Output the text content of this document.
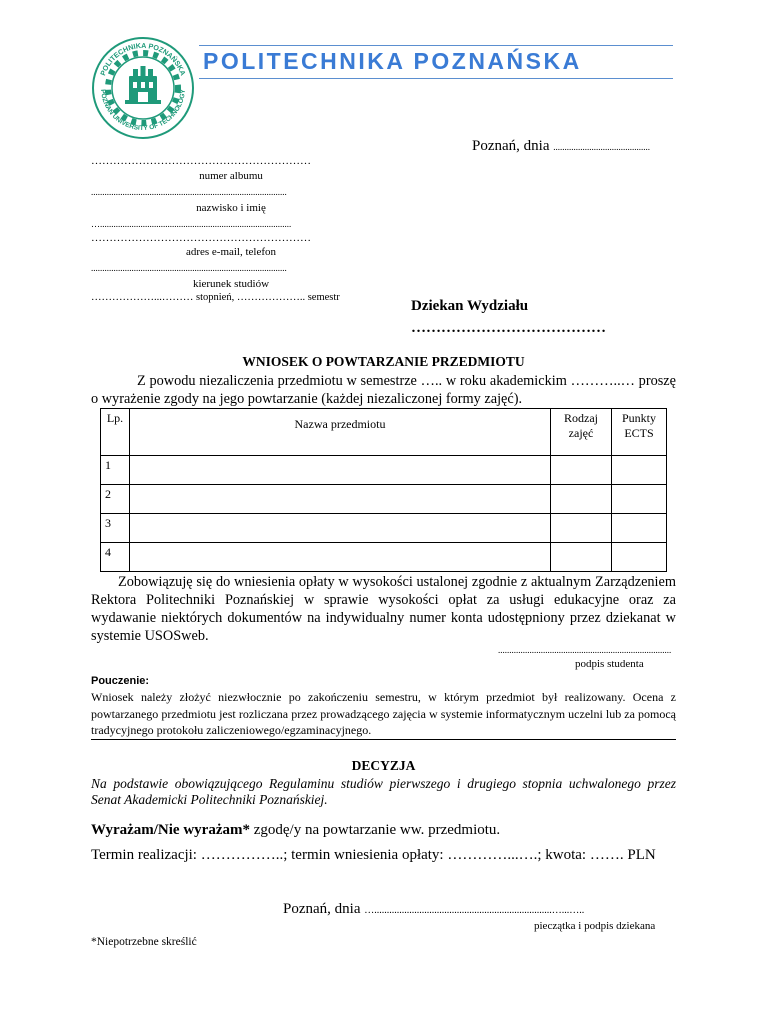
POLITECHNIKA POZNAŃSKA
POZNAN UNIVERSITY OF TECHNOLOGY
POLITECHNIKA POZNAŃSKA
Poznań, dnia ...........................................
……………………………………………………
numer albumu
.......................................................................................
nazwisko i imię
….....................................................................................
……………………………………………………
adres e-mail, telefon
.......................................................................................
kierunek studiów
………………...……… stopnień, ……………….. semestr
Dziekan Wydziału
…………………………………
WNIOSEK O POWTARZANIE PRZEDMIOTU
Z powodu niezaliczenia przedmiotu w semestrze ….. w roku akademickim ………..… proszę o wyrażenie zgody na jego powtarzanie (każdej niezaliczonej formy zajęć).
Lp.	Nazwa przedmiotu	Rodzaj zajęć	Punkty ECTS
1			
2			
3			
4			
Zobowiązuję się do wniesienia opłaty w wysokości ustalonej zgodnie z aktualnym Zarządzeniem Rektora Politechniki Poznańskiej w sprawie wysokości opłat za usługi edukacyjne oraz za wydawanie niektórych dokumentów na indywidualny numer konta udostępniony przez dziekanat w systemie USOSweb.
.............................................................................
podpis studenta
Pouczenie:
Wniosek należy złożyć niezwłocznie po zakończeniu semestru, w którym przedmiot był realizowany. Ocena z powtarzanego przedmiotu jest rozliczana przez prowadzącego zajęcia w systemie informatycznym uczelni lub za pomocą tradycyjnego protokołu zaliczeniowego/egzaminacyjnego.
DECYZJA
Na podstawie obowiązującego Regulaminu studiów pierwszego i drugiego stopnia uchwalonego przez Senat Akademicki Politechniki Poznańskiej.
Wyrażam/Nie wyrażam* zgodę/y na powtarzanie ww. przedmiotu.
Termin realizacji: ……………..; termin wniesienia opłaty: …………...….; kwota: ……. PLN
Poznań, dnia ….......................................................................…...…..
pieczątka i podpis dziekana
*Niepotrzebne skreślić
